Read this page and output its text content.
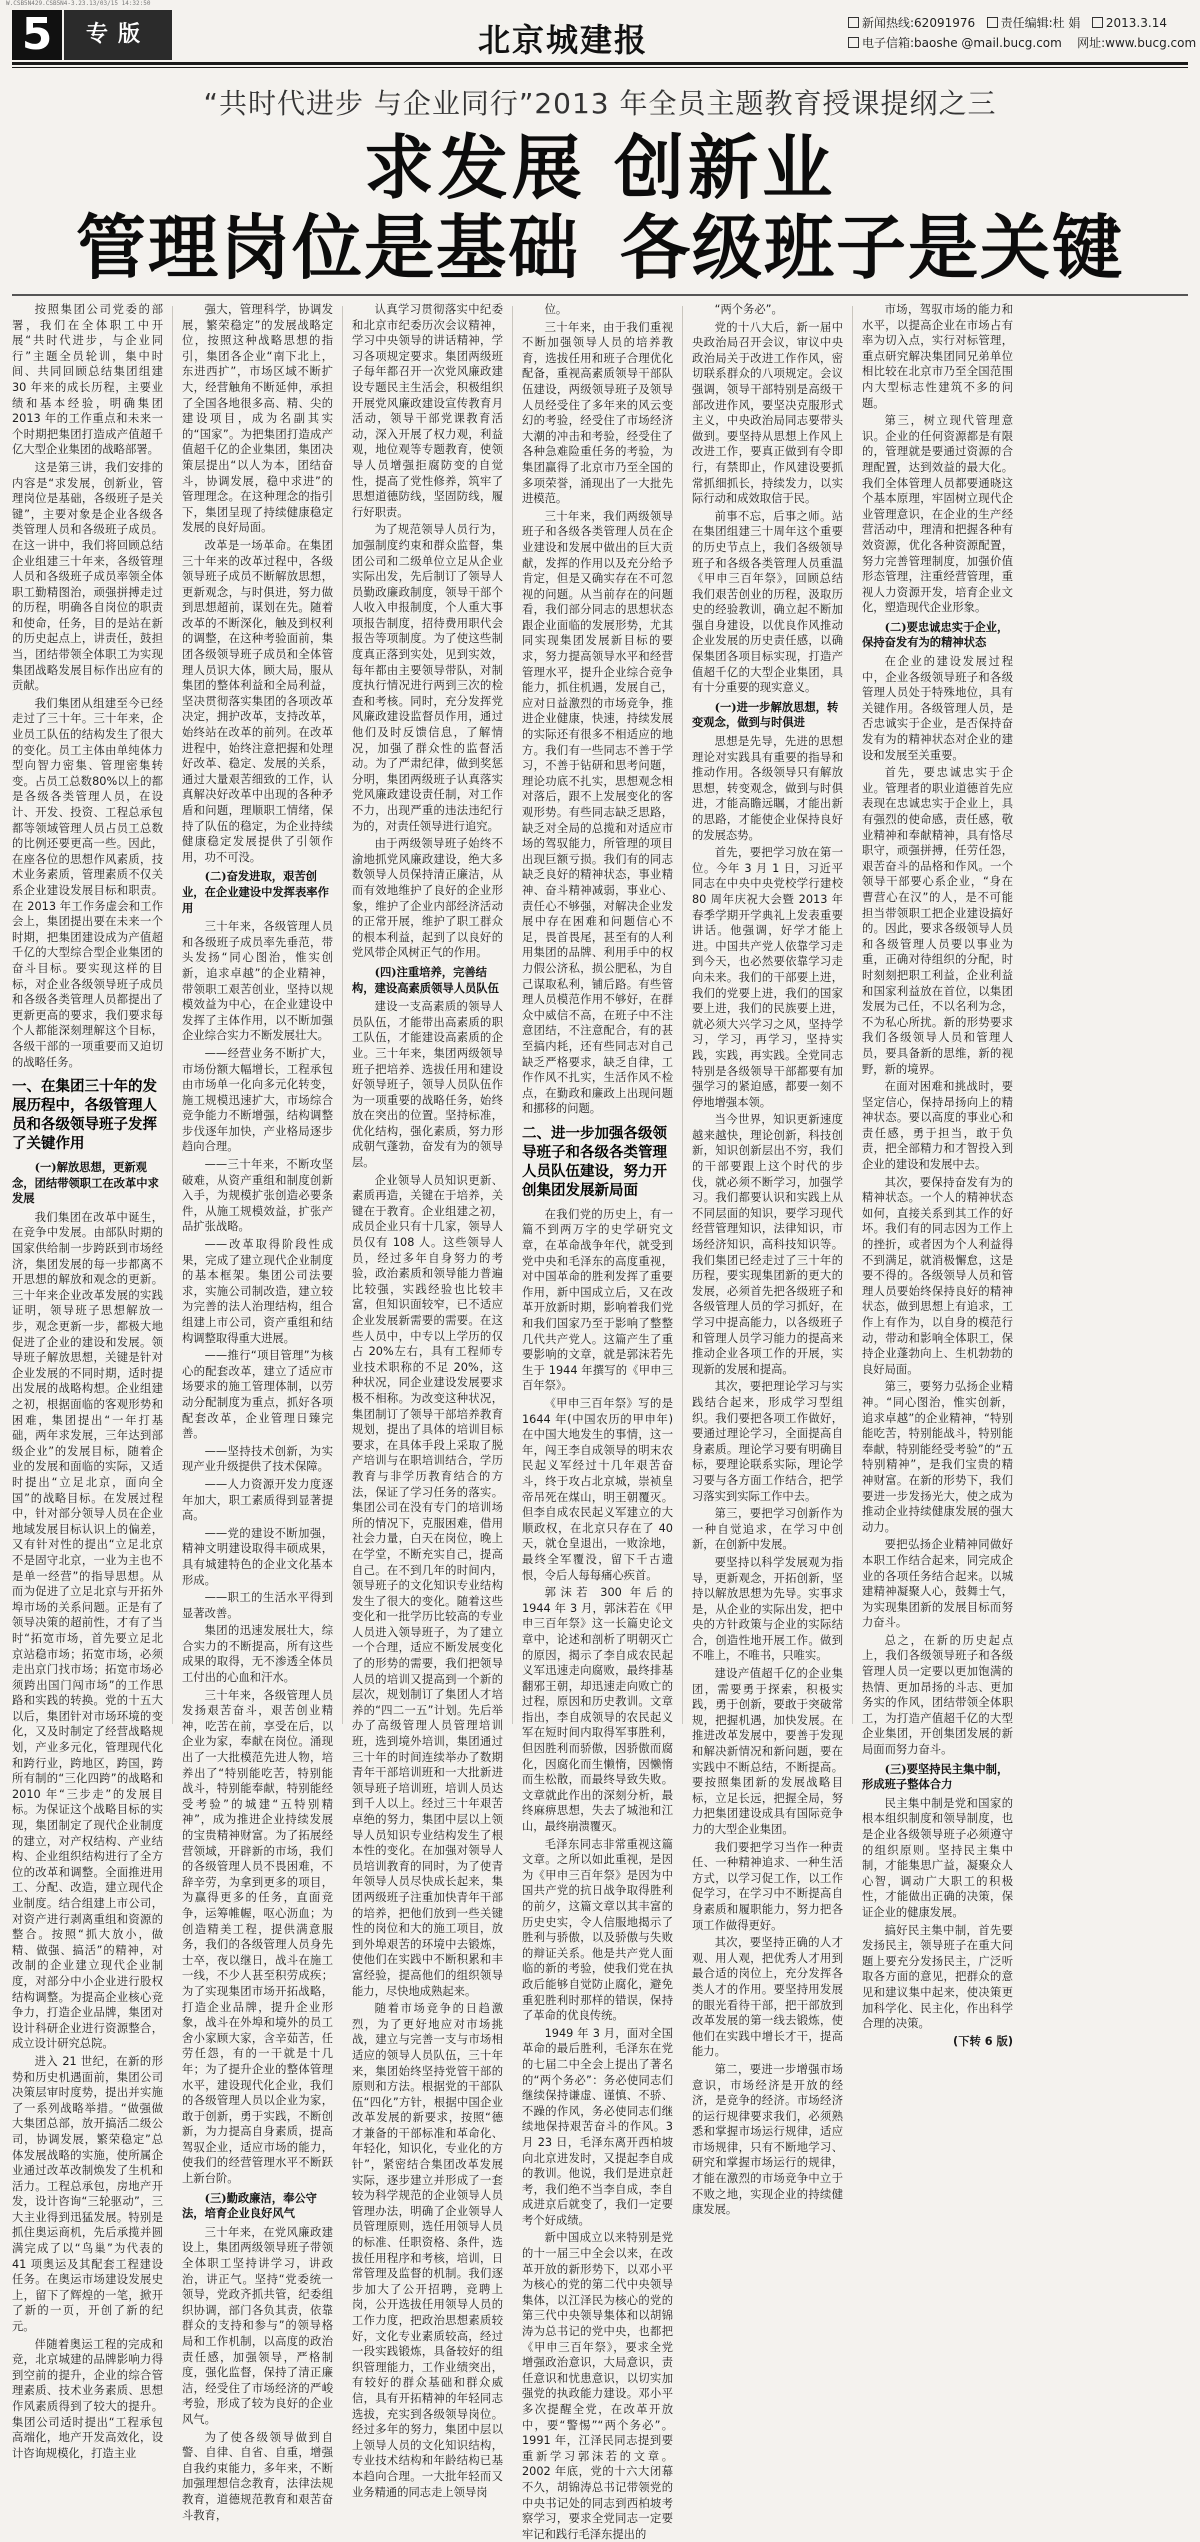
W.CSB5N429.CSB5N4-3.23.13/03/15 14:32:50
5	专版	北京城建报	新闻热线:62091976 责任编辑:杜 娟 2013.3.14
电子信箱:baoshe @mail.bucg.com 网址:www.bucg.com
“共时代进步 与企业同行”2013 年全员主题教育授课提纲之三
求发展 创新业
管理岗位是基础 各级班子是关键

按照集团公司党委的部署，我们在全体职工中开展“共时代进步，与企业同行”主题全员轮训，集中时间、共同回顾总结集团组建 30 年来的成长历程，主要业绩和基本经验，明确集团 2013 年的工作重点和未来一个时期把集团打造成产值超千亿大型企业集团的战略部署。

这是第三讲，我们安排的内容是“求发展，创新业，管理岗位是基础，各级班子是关键”，主要对象是企业各级各类管理人员和各级班子成员。在这一讲中，我们将回顾总结企业组建三十年来，各级管理人员和各级班子成员率领全体职工勤精图治，顽强拼搏走过的历程，明确各自岗位的职责和使命，任务，目的是站在新的历史起点上，讲责任，鼓担当，团结带领全体职工为实现集团战略发展目标作出应有的贡献。

我们集团从组建至今已经走过了三十年。三十年来，企业员工队伍的结构发生了很大的变化。员工主体由单纯体力型向智力密集、管理密集转变。占员工总数80%以上的都是各级各类管理人员，在设计、开发、投资、工程总承包都等领域管理人员占员工总数的比例还要更高一些。因此，在座各位的思想作风素质，技术业务素质，管理素质不仅关系企业建设发展目标和职责。在 2013 年工作务虚会和工作会上，集团提出要在未来一个时期，把集团建设成为产值超千亿的大型综合型企业集团的奋斗目标。要实现这样的目标，对企业各级领导班子成员和各级各类管理人员都提出了更新更高的要求，我们要求每个人都能深刻理解这个目标，各级干部的一项重要而又迫切的战略任务。

一、在集团三十年的发展历程中，各级管理人员和各级领导班子发挥了关键作用
(一)解放思想，更新观念，团结带领职工在改革中求发展

我们集团在改革中诞生，在竞争中发展。由部队时期的国家供给制一步跨跃到市场经济，集团发展的每一步都离不开思想的解放和观念的更新。三十年来企业改革发展的实践证明，领导班子思想解放一步，观念更新一步，都极大地促进了企业的建设和发展。领导班子解放思想，关键是针对企业发展的不同时期，适时提出发展的战略构想。企业组建之初，根据面临的客观形势和困难，集团提出“一年打基础，两年求发展，三年达到部级企业”的发展目标，随着企业的发展和面临的实际，又适时提出“立足北京，面向全国”的战略目标。在发展过程中，针对部分领导人员在企业地域发展目标认识上的偏差，又有针对性的提出“立足北京不是固守北京，一业为主也不是单一经营”的指导思想。从而为促进了立足北京与开拓外埠市场的关系问题。正是有了领导决策的超前性，才有了当时“拓宽市场，首先要立足北京站稳市场；拓宽市场，必须走出京门找市场；拓宽市场必须跨出国门闯市场”的工作思路和实践的转换。党的十五大以后，集团针对市场环境的变化，又及时制定了经营战略规划，产业多元化，管理现代化和跨行业，跨地区，跨国，跨所有制的“三化四跨”的战略和 2010 年“三步走”的发展目标。为保证这个战略目标的实现，集团制定了现代企业制度的建立，对产权结构、产业结构、企业组织结构进行了全方位的改革和调整。全面推进用工、分配、改造，建立现代企业制度。结合组建上市公司，对资产进行剥离重组和资源的整合。按照“抓大放小，做精、做强、搞活”的精神，对改制的企业建立现代企业制度，对部分中小企业进行股权结构调整。为提高企业核心竞争力，打造企业品牌，集团对设计科研企业进行资源整合，成立设计研究总院。

进入 21 世纪，在新的形势和历史机遇面前，集团公司决策层审时度势，提出并实施了一系列战略举措。“做强做大集团总部，放开搞活二级公司，协调发展，繁荣稳定”总体发展战略的实施，使所属企业通过改革改制焕发了生机和活力。工程总承包，房地产开发，设计咨询“三轮驱动”，三大主业得到迅猛发展。特别是抓住奥运商机，先后承揽并圆满完成了以“鸟巢”为代表的 41 项奥运及其配套工程建设任务。在奥运市场建设发展史上，留下了辉煌的一笔，掀开了新的一页，开创了新的纪元。

伴随着奥运工程的完成和竞，北京城建的品牌影响力得到空前的提升，企业的综合管理素质、技术业务素质、思想作风素质得到了较大的提升。集团公司适时提出“工程承包高端化，地产开发高效化，设计咨询规模化，打造主业

强大，管理科学，协调发展，繁荣稳定”的发展战略定位，按照这种战略思想的指引，集团各企业“南下北上，东进西扩”，市场区域不断扩大，经营触角不断延伸，承担了全国各地很多高、精、尖的建设项目，成为名副其实的“国家”。为把集团打造成产值超千亿的企业集团，集团决策层提出“以人为本，团结奋斗，协调发展，稳中求进”的管理理念。在这种理念的指引下，集团呈现了持续健康稳定发展的良好局面。

改革是一场革命。在集团三十年来的改革过程中，各级领导班子成员不断解放思想，更新观念，与时俱进，努力做到思想超前，谋划在先。随着改革的不断深化，触及到权利的调整，在这种考验面前，集团各级领导班子成员和全体管理人员识大体，顾大局，服从集团的整体利益和全局利益，坚决贯彻落实集团的各项改革决定，拥护改革，支持改革，始终站在改革的前列。在改革进程中，始终注意把握和处理好改革、稳定、发展的关系，通过大量艰苦细致的工作，认真解决好改革中出现的各种矛盾和问题，理顺职工情绪，保持了队伍的稳定，为企业持续健康稳定发展提供了引领作用，功不可没。

(二)奋发进取，艰苦创业，在企业建设中发挥表率作用

三十年来，各级管理人员和各级班子成员率先垂范，带头发扬“同心图治，惟实创新，追求卓越”的企业精神，带领职工艰苦创业，坚持以规模效益为中心，在企业建设中发挥了主体作用，以不断加强企业综合实力不断发展壮大。

——经营业务不断扩大，市场份额大幅增长，工程承包由市场单一化向多元化转变，施工规模迅速扩大，市场综合竞争能力不断增强，结构调整步伐逐年加快，产业格局逐步趋向合理。

——三十年来，不断攻坚破难，从资产重组和制度创新入手，为规模扩张创造必要条件，从施工规模效益，扩张产品扩张战略。

——改革取得阶段性成果，完成了建立现代企业制度的基本框架。集团公司法要求，实施公司制改造，建立较为完善的法人治理结构，组合组建上市公司，资产重组和结构调整取得重大进展。

——推行“项目管理”为核心的配套改革，建立了适应市场要求的施工管理体制，以劳动分配制度为重点，抓好各项配套改革，企业管理日臻完善。

——坚持技术创新，为实现产业升级提供了技术保障。

——人力资源开发力度逐年加大，职工素质得到显著提高。

——党的建设不断加强，精神文明建设取得丰硕成果，具有城建特色的企业文化基本形成。

——职工的生活水平得到显著改善。

集团的迅速发展壮大，综合实力的不断提高，所有这些成果的取得，无不渗透全体员工付出的心血和汗水。

三十年来，各级管理人员发扬艰苦奋斗，艰苦创业精神，吃苦在前，享受在后，以企业为家，奉献在岗位。涌现出了一大批模范先进人物，培养出了“特别能吃苦，特别能战斗，特别能奉献，特别能经受考验”的城建“五特别精神”，成为推进企业持续发展的宝贵精神财富。为了拓展经营领域，开辟新的市场，我们的各级管理人员不畏困难，不辞辛劳，为拿到更多的项目，为赢得更多的任务，直面竞争，运筹帷幄，呕心沥血；为创造精美工程，提供满意服务，我们的各级管理人员身先士卒，夜以继日，战斗在施工一线，不少人甚至积劳成疾；为了实现集团市场开拓战略，打造企业品牌，提升企业形象，战斗在外埠和境外的员工舍小家顾大家，含辛茹苦，任劳任怨，有的一干就是十几年；为了提升企业的整体管理水平，建设现代化企业，我们的各级管理人员以企业为家，敢于创新，勇于实践，不断创新，为力提高自身素质，提高驾驭企业，适应市场的能力，使我们的经营管理水平不断跃上新台阶。

(三)勤政廉洁，奉公守法，培育企业良好风气

三十年来，在党风廉政建设上，集团两级领导班子带领全体职工坚持讲学习，讲政治，讲正气。坚持“党委统一领导，党政齐抓共管，纪委组织协调，部门各负其责，依靠群众的支持和参与”的领导格局和工作机制，以高度的政治责任感，加强领导，严格制度，强化监督，保持了清正廉洁，经受住了市场经济的严峻考验，形成了较为良好的企业风气。

为了使各级领导做到自警、自律、自省、自重，增强自我约束能力，多年来，不断加强理想信念教育，法律法规教育，道德规范教育和艰苦奋斗教育，

认真学习贯彻落实中纪委和北京市纪委历次会议精神，学习中央领导的讲话精神，学习各项规定要求。集团两级班子每年都召开一次党风廉政建设专题民主生活会，积极组织开展党风廉政建设宣传教育月活动，领导干部党课教育活动，深入开展了权力观，利益观，地位观等专题教育，使领导人员增强拒腐防变的自觉性，提高了党性修养，筑牢了思想道德防线，坚固防线，履行好职责。

为了规范领导人员行为，加强制度约束和群众监督，集团公司和二级单位立足从企业实际出发，先后制订了领导人员勤政廉政制度，领导干部个人收入申报制度，个人重大事项报告制度，招待费用职代会报告等项制度。为了使这些制度真正落到实处，见到实效，每年都由主要领导带队，对制度执行情况进行两到三次的检查和考核。同时，充分发挥党风廉政建设监督员作用，通过他们及时反馈信息，了解情况，加强了群众性的监督活动。为了严肃纪律，做到奖惩分明，集团两级班子认真落实党风廉政建设责任制，对工作不力，出现严重的违法违纪行为的，对责任领导进行追究。

由于两级领导班子始终不渝地抓党风廉政建设，绝大多数领导人员保持清正廉洁，从而有效地维护了良好的企业形象，维护了企业内部经济活动的正常开展，维护了职工群众的根本利益，起到了以良好的党风带企风树正气的作用。

(四)注重培养，完善结构，建设高素质领导人员队伍

建设一支高素质的领导人员队伍，才能带出高素质的职工队伍，才能建设高素质的企业。三十年来，集团两级领导班子把培养、选拔任用和建设好领导班子，领导人员队伍作为一项重要的战略任务，始终放在突出的位置。坚持标准，优化结构，强化素质，努力形成朝气蓬勃，奋发有为的领导层。

企业领导人员知识更新、素质再造，关键在于培养，关键在于教育。企业组建之初，成员企业只有十几家，领导人员仅有 108 人。这些领导人员，经过多年自身努力的考验，政治素质和领导能力普遍比较强，实践经验也比较丰富，但知识面较窄，已不适应企业发展新需要的需要。在这些人员中，中专以上学历的仅占 20%左右，具有工程师专业技术职称的不足 20%，这种状况，同企业建设发展要求极不相称。为改变这种状况，集团制订了领导干部培养教育规划，提出了具体的培训目标要求，在具体手段上采取了脱产培训与在职培训结合，学历教育与非学历教育结合的方法，保证了学习任务的落实。集团公司在没有专门的培训场所的情况下，克服困难，借用社会力量，白天在岗位，晚上在学堂，不断充实自己，提高自己。在不到几年的时间内，领导班子的文化知识专业结构发生了很大的变化。随着这些变化和一批学历比较高的专业人员进入领导班子，为了建立一个合理，适应不断发展变化了的形势的需要，我们把领导人员的培训又提高到一个新的层次，规划制订了集团人才培养的“四二一五”计划。先后举办了高级管理人员管理培训班，选到境外培训，集团通过三十年的时间连续举办了数期青年干部培训班和一大批新进领导班子培训班，培训人员达到千人以上。经过三十年艰苦卓绝的努力，集团中层以上领导人员知识专业结构发生了根本性的变化。在加强对领导人员培训教育的同时，为了使青年领导人员尽快成长起来，集团两级班子注重加快青年干部的培养，把他们放到一些关键性的岗位和大的施工项目，放到外埠艰苦的环境中去锻炼，使他们在实践中不断积累和丰富经验，提高他们的组织领导能力，尽快地成熟起来。

随着市场竞争的日趋激烈，为了更好地应对市场挑战，建立与完善一支与市场相适应的领导人员队伍，三十年来，集团始终坚持党管干部的原则和方法。根据党的干部队伍“四化”方针，根据中国企业改革发展的新要求，按照“德才兼备的干部标准和革命化、年轻化，知识化，专业化的方针”，紧密结合集团改革发展实际，逐步建立并形成了一套较为科学规范的企业领导人员管理办法，明确了企业领导人员管理原则，选任用领导人员的标准、任职资格、条件，选拔任用程序和考核，培训，日常管理及监督的机制。我们逐步加大了公开招聘，竞聘上岗，公开选拔任用领导人员的工作力度，把政治思想素质较好，文化专业素质较高，经过一段实践锻炼，具备较好的组织管理能力，工作业绩突出，有较好的群众基础和群众威信，具有开拓精神的年轻同志选拔，充实到各级领导岗位。经过多年的努力，集团中层以上领导人员的文化知识结构，专业技术结构和年龄结构已基本趋向合理。一大批年轻而又业务精通的同志走上领导岗

位。

三十年来，由于我们重视不断加强领导人员的培养教育，选拔任用和班子合理优化配备，重视高素质领导干部队伍建设，两级领导班子及领导人员经受住了多年来的风云变幻的考验，经受住了市场经济大潮的冲击和考验，经受住了各种急难险重任务的考验，为集团赢得了北京市乃至全国的多项荣誉，涌现出了一大批先进模范。

三十年来，我们两级领导班子和各级各类管理人员在企业建设和发展中做出的巨大贡献，发挥的作用以及充分给予肯定，但是又确实存在不可忽视的问题。从当前存在的问题看，我们部分同志的思想状态跟企业面临的发展形势，尤其同实现集团发展新目标的要求，努力提高领导水平和经营管理水平，提升企业综合竞争能力，抓住机遇，发展自己，应对日益激烈的市场竞争，推进企业健康，快速，持续发展的实际还有很多不相适应的地方。我们有一些同志不善于学习，不善于钻研和思考问题，理论功底不扎实，思想观念相对落后，跟不上发展变化的客观形势。有些同志缺乏思路，缺乏对全局的总揽和对适应市场的驾驭能力，所管理的项目出现巨额亏损。我们有的同志缺乏良好的精神状态，事业精神、奋斗精神减弱，事业心、责任心不够强，对解决企业发展中存在困难和问题信心不足，畏首畏尾，甚至有的人利用集团的品牌、利用手中的权力假公济私，损公肥私，为自己谋取私利，铺后路。有些管理人员模范作用不够好，在群众中威信不高，在班子中不注意团结，不注意配合，有的甚至搞内耗，还有些同志对自己缺乏严格要求，缺乏自律，工作作风不扎实，生活作风不检点，在勤政和廉政上出现问题和挪移的问题。

二、进一步加强各级领导班子和各级各类管理人员队伍建设，努力开创集团发展新局面

在我们党的历史上，有一篇不到两万字的史学研究文章，在革命战争年代，就受到党中央和毛泽东的高度重视，对中国革命的胜利发挥了重要作用，新中国成立后，又在改革开放新时期，影响着我们党和我们国家乃至于影响了整整几代共产党人。这篇产生了重要影响的文章，就是郭沫若先生于 1944 年撰写的《甲申三百年祭》。

《甲申三百年祭》写的是 1644 年(中国农历的甲申年)在中国大地发生的事情，这一年，闯王李自成领导的明末农民起义军经过十几年艰苦奋斗，终于攻占北京城，崇祯皇帝吊死在煤山，明王朝覆灭。但李自成农民起义军建立的大顺政权，在北京只存在了 40 天，就仓皇退出，一败涂地，最终全军覆没，留下千古遗恨，令后人每每痛心疾首。

郭沫若 300 年后的 1944 年 3 月，郭沫若在《甲申三百年祭》这一长篇史论文章中，论述和剖析了明朝灭亡的原因，揭示了李自成农民起义军迅速走向腐败，最终排基翻邪王朝，却迅速走向败亡的过程，原因和历史教训。文章指出，李自成领导的农民起义军在短时间内取得军事胜利，但因胜利而骄傲，因骄傲而腐化，因腐化而生懒惰，因懒惰而生松散，而最终导致失败。文章就此作出的深刻分析，最终麻痹思想，失去了城池和江山，最终崩溃覆灭。

毛泽东同志非常重视这篇文章。之所以如此重视，是因为《甲申三百年祭》是因为中国共产党的抗日战争取得胜利的前夕，这篇文章以其丰富的历史史实，令人信服地揭示了胜利与骄傲，以及骄傲与失败的辩证关系。他是共产党人面临的新的考验，使我们党在执政后能够自觉防止腐化，避免重犯胜利时那样的错误，保持了革命的优良传统。

1949 年 3 月，面对全国革命的最后胜利，毛泽东在党的七届二中全会上提出了著名的“两个务必”：务必使同志们继续保持谦虚、谨慎、不骄、不躁的作风，务必使同志们继续地保持艰苦奋斗的作风。3 月 23 日，毛泽东离开西柏坡向北京进发时，又提起李自成的教训。他说，我们是进京赶考，我们绝不当李自成，李自成进京后就变了，我们一定要考个好成绩。

新中国成立以来特别是党的十一届三中全会以来，在改革开放的新形势下，以邓小平为核心的党的第二代中央领导集体，以江泽民为核心的党的第三代中央领导集体和以胡锦涛为总书记的党中央，也都把《甲申三百年祭》，要求全党增强政治意识，大局意识，责任意识和忧患意识，以切实加强党的执政能力建设。邓小平多次提醒全党，在改革开放中，要“警惕”“两个务必”。1991 年，江泽民同志提到要重新学习郭沫若的文章。2002 年底，党的十六大闭幕不久，胡锦涛总书记带领党的中央书记处的同志到西柏坡考察学习，要求全党同志一定要牢记和践行毛泽东提出的

“两个务必”。

党的十八大后，新一届中央政治局召开会议，审议中央政治局关于改进工作作风，密切联系群众的八项规定。会议强调，领导干部特别是高级干部改进作风，要坚决克服形式主义，中央政治局同志要带头做到。要坚持从思想上作风上改进工作，要真正做到有令即行，有禁即止，作风建设要抓常抓细抓长，持续发力，以实际行动和成效取信于民。

前事不忘，后事之师。站在集团组建三十周年这个重要的历史节点上，我们各级领导班子和各级各类管理人员重温《甲申三百年祭》，回顾总结我们艰苦创业的历程，汲取历史的经验教训，确立起不断加强自身建设，以优良作风推动企业发展的历史责任感，以确保集团各项目标实现，打造产值超千亿的大型企业集团，具有十分重要的现实意义。

(一)进一步解放思想，转变观念，做到与时俱进

思想是先导，先进的思想理论对实践具有重要的指导和推动作用。各级领导只有解放思想，转变观念，做到与时俱进，才能高瞻远瞩，才能出新的思路，才能使企业保持良好的发展态势。

首先，要把学习放在第一位。今年 3 月 1 日，习近平同志在中央中央党校学行建校 80 周年庆祝大会暨 2013 年春季学期开学典礼上发表重要讲话。他强调，好学才能上进。中国共产党人依靠学习走到今天，也必然要依靠学习走向未来。我们的干部要上进，我们的党要上进，我们的国家要上进，我们的民族要上进，就必须大兴学习之风，坚持学习，学习，再学习，坚持实践，实践，再实践。全党同志特别是各级领导干部都要有加强学习的紧迫感，都要一刻不停地增强本领。

当今世界，知识更新速度越来越快，理论创新，科技创新，知识创新层出不穷，我们的干部要跟上这个时代的步伐，就必须不断学习，加强学习。我们都要认识和实践上从不同层面的知识，要学习现代经营管理知识，法律知识，市场经济知识，高科技知识等。我们集团已经走过了三十年的历程，要实现集团新的更大的发展，必须首先把各级班子和各级管理人员的学习抓好，在学习中提高能力，以各级班子和管理人员学习能力的提高来推动企业各项工作的开展，实现新的发展和提高。

其次，要把理论学习与实践结合起来，形成学习型组织。我们要把各项工作做好，要通过理论学习，全面提高自身素质。理论学习要有明确目标，要理论联系实际，理论学习要与各方面工作结合，把学习落实到实际工作中去。

第三，要把学习创新作为一种自觉追求，在学习中创新，在创新中发展。

要坚持以科学发展观为指导，更新观念，开拓创新，坚持以解放思想为先导。实事求是，从企业的实际出发，把中央的方针政策与企业的实际结合，创造性地开展工作。做到不唯上，不唯书，只唯实。

建设产值超千亿的企业集团，需要勇于探索，积极实践，勇于创新，要敢于突破常规，把握机遇，加快发展。在推进改革发展中，要善于发现和解决新情况和新问题，要在实践中不断总结，不断提高。要按照集团新的发展战略目标，立足长远，把握全局，努力把集团建设成具有国际竞争力的大型企业集团。

我们要把学习当作一种责任、一种精神追求、一种生活方式，以学习促工作，以工作促学习，在学习中不断提高自身素质和履职能力，努力把各项工作做得更好。

其次，要坚持正确的人才观、用人观，把优秀人才用到最合适的岗位上，充分发挥各类人才的作用。要坚持用发展的眼光看待干部，把干部放到改革发展的第一线去锻炼，使他们在实践中增长才干，提高能力。

第二，要进一步增强市场意识，市场经济是开放的经济，是竞争的经济。市场经济的运行规律要求我们，必须熟悉和掌握市场运行规律，适应市场规律，只有不断地学习、研究和掌握市场运行的规律，才能在激烈的市场竞争中立于不败之地，实现企业的持续健康发展。

市场，驾驭市场的能力和水平，以提高企业在市场占有率为切入点，实行对标管理，重点研究解决集团同兄弟单位相比较在北京市乃至全国范围内大型标志性建筑不多的问题。

第三，树立现代管理意识。企业的任何资源都是有限的，管理就是要通过资源的合理配置，达到效益的最大化。我们全体管理人员都要通晓这个基本原理，牢固树立现代企业管理意识，在企业的生产经营活动中，理清和把握各种有效资源，优化各种资源配置，努力完善管理制度，加强价值形态管理，注重经营管理，重视人力资源开发，培育企业文化，塑造现代企业形象。

(二)要忠诚忠实于企业，保持奋发有为的精神状态

在企业的建设发展过程中，企业各级领导班子和各级管理人员处于特殊地位，具有关键作用。各级管理人员，是否忠诚实于企业，是否保持奋发有为的精神状态对企业的建设和发展至关重要。

首先，要忠诚忠实于企业。管理者的职业道德首先应表现在忠诚忠实于企业上，具有强烈的使命感，责任感，敬业精神和奉献精神，具有恪尽职守，顽强拼搏，任劳任怨，艰苦奋斗的品格和作风。一个领导干部要心系企业，“身在曹营心在汉”的人，是不可能担当带领职工把企业建设搞好的。因此，要求各级领导人员和各级管理人员要以事业为重，正确对待组织的分配，时时刻刻把职工利益，企业利益和国家利益放在首位，以集团发展为己任，不以名利为念，不为私心所扰。新的形势要求我们各级领导人员和管理人员，要具备新的思维，新的视野，新的境界。

在面对困难和挑战时，要坚定信心，保持昂扬向上的精神状态。要以高度的事业心和责任感，勇于担当，敢于负责，把全部精力和才智投入到企业的建设和发展中去。

其次，要保持奋发有为的精神状态。一个人的精神状态如何，直接关系到其工作的好坏。我们有的同志因为工作上的挫折，或者因为个人利益得不到满足，就消极懈怠，这是要不得的。各级领导人员和管理人员要始终保持良好的精神状态，做到思想上有追求，工作上有作为，以自身的模范行动，带动和影响全体职工，保持企业蓬勃向上、生机勃勃的良好局面。

第三，要努力弘扬企业精神。“同心图治，惟实创新，追求卓越”的企业精神，“特别能吃苦，特别能战斗，特别能奉献，特别能经受考验”的“五特别精神”，是我们宝贵的精神财富。在新的形势下，我们要进一步发扬光大，使之成为推动企业持续健康发展的强大动力。

要把弘扬企业精神同做好本职工作结合起来，同完成企业的各项任务结合起来。以城建精神凝聚人心，鼓舞士气，为实现集团新的发展目标而努力奋斗。

总之，在新的历史起点上，我们各级领导班子和各级管理人员一定要以更加饱满的热情、更加昂扬的斗志、更加务实的作风，团结带领全体职工，为打造产值超千亿的大型企业集团，开创集团发展的新局面而努力奋斗。

(三)要坚持民主集中制，形成班子整体合力

民主集中制是党和国家的根本组织制度和领导制度，也是企业各级领导班子必须遵守的组织原则。坚持民主集中制，才能集思广益，凝聚众人心智，调动广大职工的积极性，才能做出正确的决策，保证企业的健康发展。

搞好民主集中制，首先要发扬民主，领导班子在重大问题上要充分发扬民主，广泛听取各方面的意见，把群众的意见和建议集中起来，使决策更加科学化、民主化，作出科学合理的决策。

(下转 6 版)
